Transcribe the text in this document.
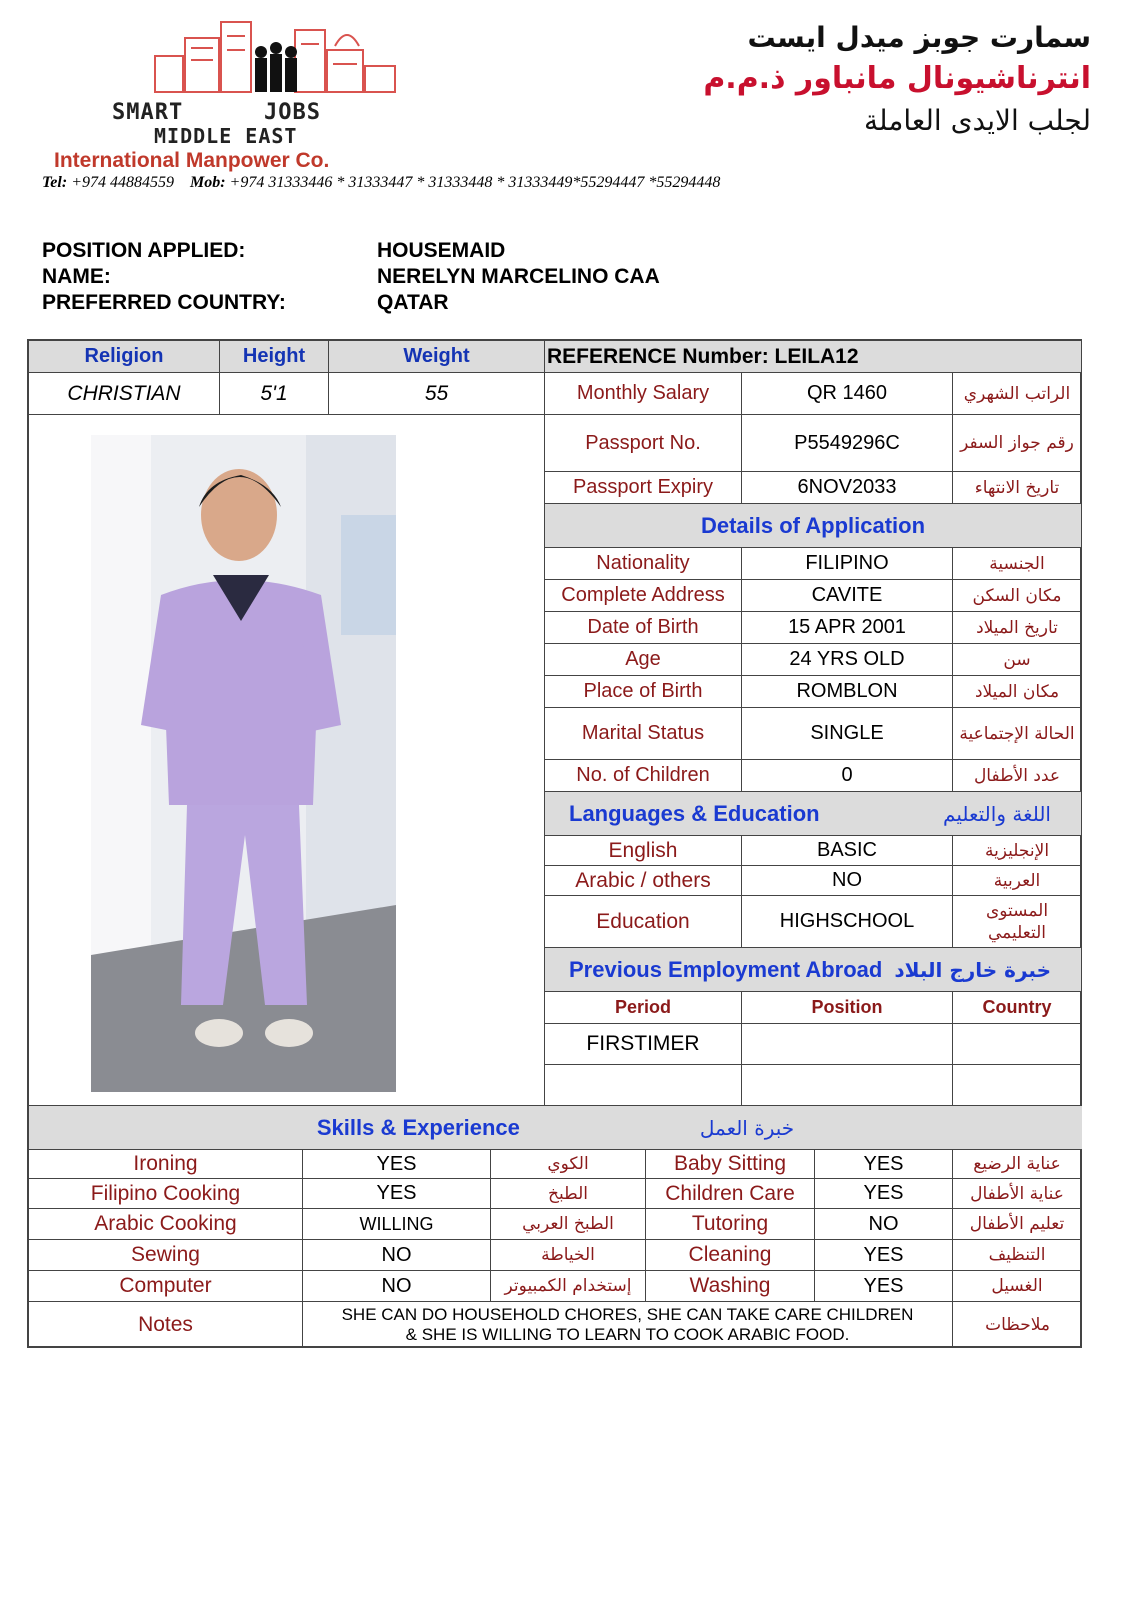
SMART	JOBS
MIDDLE EAST
International Manpower Co.
سمارت جوبز ميدل ايست
انترناشيونال مانباور ذ.م.م
لجلب الايدى العاملة
Tel: +974 44884559 Mob: +974 31333446 * 31333447 * 31333448 * 31333449*55294447 *55294448
POSITION APPLIED:	HOUSEMAID
NAME:	NERELYN MARCELINO CAA
PREFERRED COUNTRY:	QATAR
Religion	Height	Weight	REFERENCE Number: LEILA12
CHRISTIAN	5'1	55	Monthly Salary	QR 1460	الراتب الشهري
Passport No.	P5549296C	رقم جواز السفر
Passport Expiry	6NOV2033	تاريخ الانتهاء
Details of Application
Nationality	FILIPINO	الجنسية
Complete Address	CAVITE	مكان السكن
Date of Birth	15 APR 2001	تاريخ الميلاد
Age	24 YRS OLD	سن
Place of Birth	ROMBLON	مكان الميلاد
Marital Status	SINGLE	الحالة الإجتماعية
No. of Children	0	عدد الأطفال
Languages & Education	اللغة والتعليم
English	BASIC	الإنجليزية
Arabic / others	NO	العربية
Education	HIGHSCHOOL	المستوى التعليمي
Previous Employment Abroad خبرة خارج البلاد
Period	Position	Country
FIRSTIMER
Skills & Experience	خبرة العمل
Ironing	YES	الكوي	Baby Sitting	YES	عناية الرضيع
Filipino Cooking	YES	الطبخ	Children Care	YES	عناية الأطفال
Arabic Cooking	WILLING	الطبخ العربي	Tutoring	NO	تعليم الأطفال
Sewing	NO	الخياطة	Cleaning	YES	التنظيف
Computer	NO	إستخدام الكمبيوتر	Washing	YES	الغسيل
Notes	SHE CAN DO HOUSEHOLD CHORES, SHE CAN TAKE CARE CHILDREN
& SHE IS WILLING TO LEARN TO COOK ARABIC FOOD.	ملاحظات
